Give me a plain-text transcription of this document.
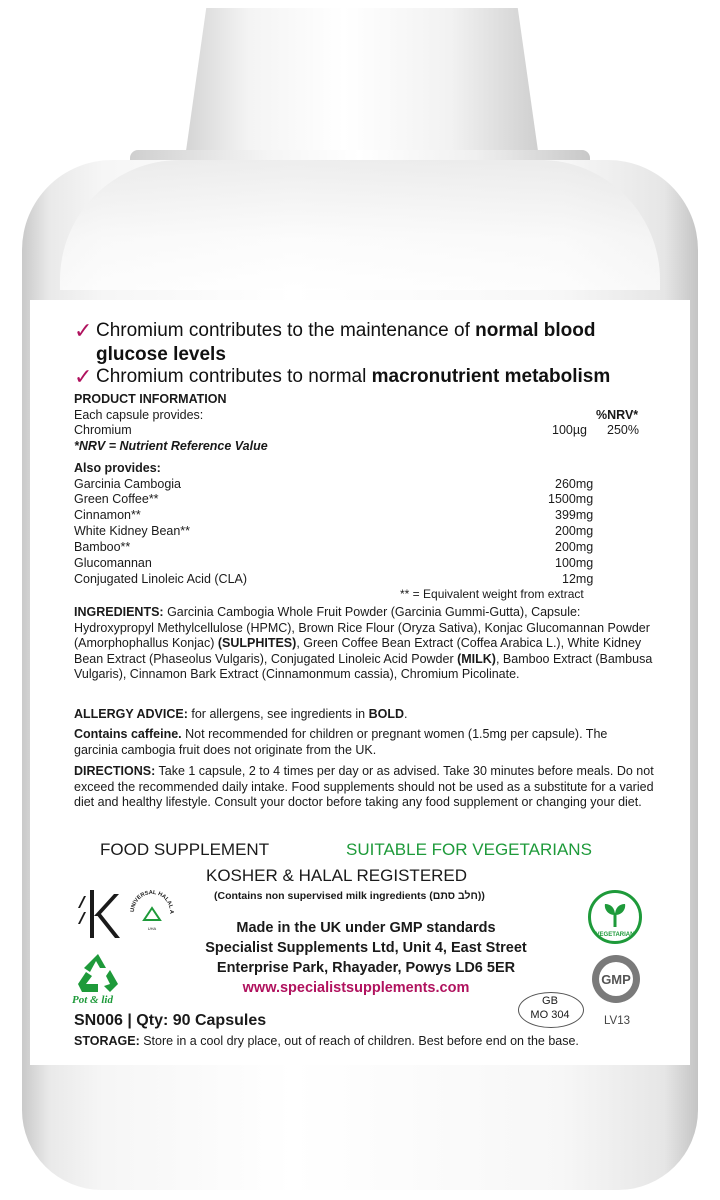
✓ Chromium contributes to the maintenance of normal blood
glucose levels
✓ Chromium contributes to normal macronutrient metabolism
PRODUCT INFORMATION
Each capsule provides:	%NRV*
Chromium	100µg 250%
*NRV = Nutrient Reference Value
Also provides:
Garcinia Cambogia	260mg
Green Coffee**	1500mg
Cinnamon**	399mg
White Kidney Bean**	200mg
Bamboo**	200mg
Glucomannan	100mg
Conjugated Linoleic Acid (CLA)	12mg
** = Equivalent weight from extract
INGREDIENTS: Garcinia Cambogia Whole Fruit Powder (Garcinia Gummi-Gutta), Capsule: Hydroxypropyl Methylcellulose (HPMC), Brown Rice Flour (Oryza Sativa), Konjac Glucomannan Powder (Amorphophallus Konjac) (SULPHITES), Green Coffee Bean Extract (Coffea Arabica L.), White Kidney Bean Extract (Phaseolus Vulgaris), Conjugated Linoleic Acid Powder (MILK), Bamboo Extract (Bambusa Vulgaris), Cinnamon Bark Extract (Cinnamonmum cassia), Chromium Picolinate.
ALLERGY ADVICE: for allergens, see ingredients in BOLD.
Contains caffeine. Not recommended for children or pregnant women (1.5mg per capsule). The garcinia cambogia fruit does not originate from the UK.
DIRECTIONS: Take 1 capsule, 2 to 4 times per day or as advised. Take 30 minutes before meals. Do not exceed the recommended daily intake. Food supplements should not be used as a substitute for a varied diet and healthy lifestyle. Consult your doctor before taking any food supplement or changing your diet.
FOOD SUPPLEMENT	SUITABLE FOR VEGETARIANS
KOSHER & HALAL REGISTERED
(Contains non supervised milk ingredients (חלב סתם))
UNIVERSAL HALAL A
UHA
Pot & lid
Made in the UK under GMP standards
Specialist Supplements Ltd, Unit 4, East Street
Enterprise Park, Rhayader, Powys LD6 5ER
www.specialistsupplements.com
VEGETARIAN
GMP
GB
MO 304	LV13
SN006 | Qty: 90 Capsules
STORAGE: Store in a cool dry place, out of reach of children. Best before end on the base.
